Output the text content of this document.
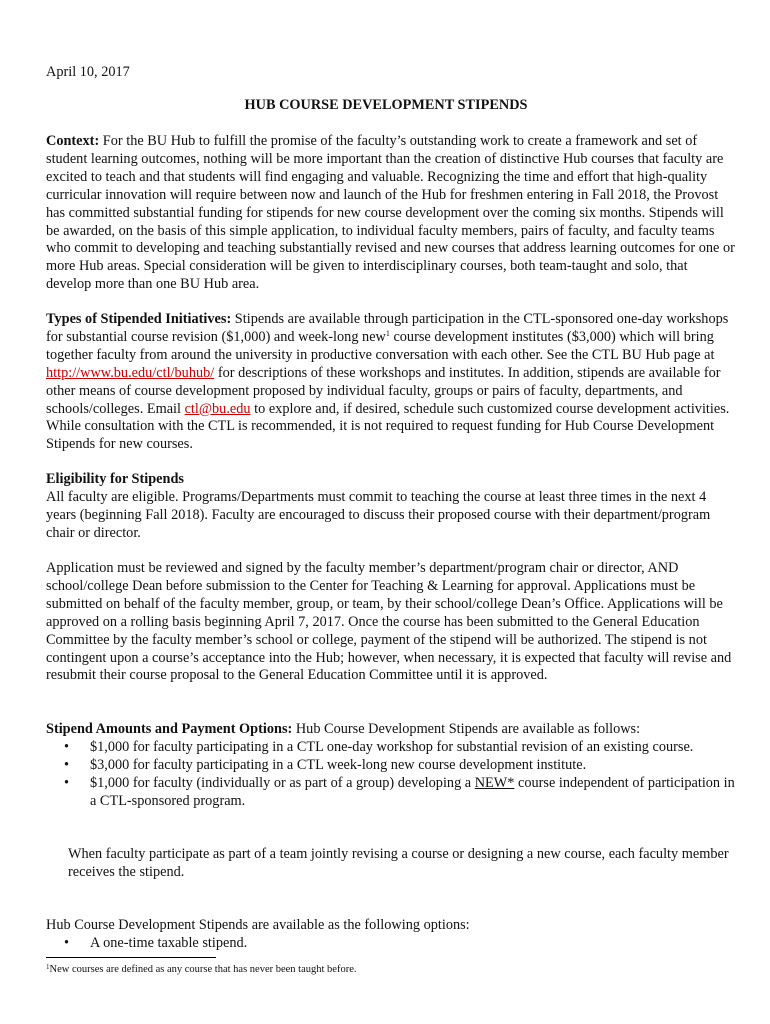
April 10, 2017

HUB COURSE DEVELOPMENT STIPENDS

Context: For the BU Hub to fulfill the promise of the faculty’s outstanding work to create a framework and set of student learning outcomes, nothing will be more important than the creation of distinctive Hub courses that faculty are excited to teach and that students will find engaging and valuable. Recognizing the time and effort that high-quality curricular innovation will require between now and launch of the Hub for freshmen entering in Fall 2018, the Provost has committed substantial funding for stipends for new course development over the coming six months. Stipends will be awarded, on the basis of this simple application, to individual faculty members, pairs of faculty, and faculty teams who commit to developing and teaching substantially revised and new courses that address learning outcomes for one or more Hub areas. Special consideration will be given to interdisciplinary courses, both team-taught and solo, that develop more than one BU Hub area.

Types of Stipended Initiatives: Stipends are available through participation in the CTL-sponsored one-day workshops for substantial course revision ($1,000) and week-long new$^1$ course development institutes ($3,000) which will bring together faculty from around the university in productive conversation with each other. See the CTL BU Hub page at http://www.bu.edu/ctl/buhub/ for descriptions of these workshops and institutes. In addition, stipends are available for other means of course development proposed by individual faculty, groups or pairs of faculty, departments, and schools/colleges. Email ctl@bu.edu to explore and, if desired, schedule such customized course development activities. While consultation with the CTL is recommended, it is not required to request funding for Hub Course Development Stipends for new courses.

Eligibility for Stipends

All faculty are eligible. Programs/Departments must commit to teaching the course at least three times in the next 4 years (beginning Fall 2018). Faculty are encouraged to discuss their proposed course with their department/program chair or director.

Application must be reviewed and signed by the faculty member’s department/program chair or director, AND school/college Dean before submission to the Center for Teaching & Learning for approval. Applications must be submitted on behalf of the faculty member, group, or team, by their school/college Dean’s Office. Applications will be approved on a rolling basis beginning April 7, 2017. Once the course has been submitted to the General Education Committee by the faculty member’s school or college, payment of the stipend will be authorized. The stipend is not contingent upon a course’s acceptance into the Hub; however, when necessary, it is expected that faculty will revise and resubmit their course proposal to the General Education Committee until it is approved.

Stipend Amounts and Payment Options: Hub Course Development Stipends are available as follows:

• $1,000 for faculty participating in a CTL one-day workshop for substantial revision of an existing course.
• $3,000 for faculty participating in a CTL week-long new course development institute.
• $1,000 for faculty (individually or as part of a group) developing a NEW* course independent of participation in a CTL-sponsored program.

When faculty participate as part of a team jointly revising a course or designing a new course, each faculty member receives the stipend.

Hub Course Development Stipends are available as the following options:

• A one-time taxable stipend.

$^1$New courses are defined as any course that has never been taught before.
